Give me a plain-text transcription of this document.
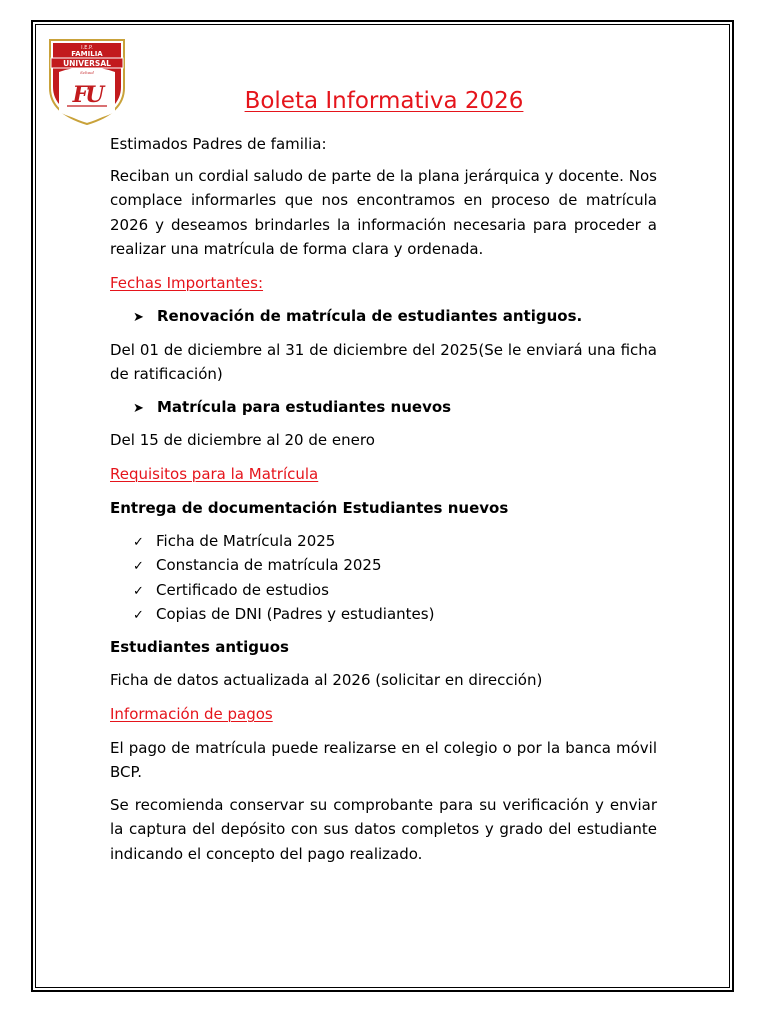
I.E.P.
FAMILIA
UNIVERSAL
School
FU	Boleta Informativa 2026

Estimados Padres de familia:

Reciban un cordial saludo de parte de la plana jerárquica y docente. Nos complace informarles que nos encontramos en proceso de matrícula 2026 y deseamos brindarles la información necesaria para proceder a realizar una matrícula de forma clara y ordenada.

Fechas Importantes:

➤ Renovación de matrícula de estudiantes antiguos.

Del 01 de diciembre al 31 de diciembre del 2025(Se le enviará una ficha de ratificación)

➤ Matrícula para estudiantes nuevos

Del 15 de diciembre al 20 de enero

Requisitos para la Matrícula

Entrega de documentación Estudiantes nuevos

✓ Ficha de Matrícula 2025
✓ Constancia de matrícula 2025
✓ Certificado de estudios
✓ Copias de DNI (Padres y estudiantes)

Estudiantes antiguos

Ficha de datos actualizada al 2026 (solicitar en dirección)

Información de pagos

El pago de matrícula puede realizarse en el colegio o por la banca móvil BCP.

Se recomienda conservar su comprobante para su verificación y enviar la captura del depósito con sus datos completos y grado del estudiante indicando el concepto del pago realizado.
